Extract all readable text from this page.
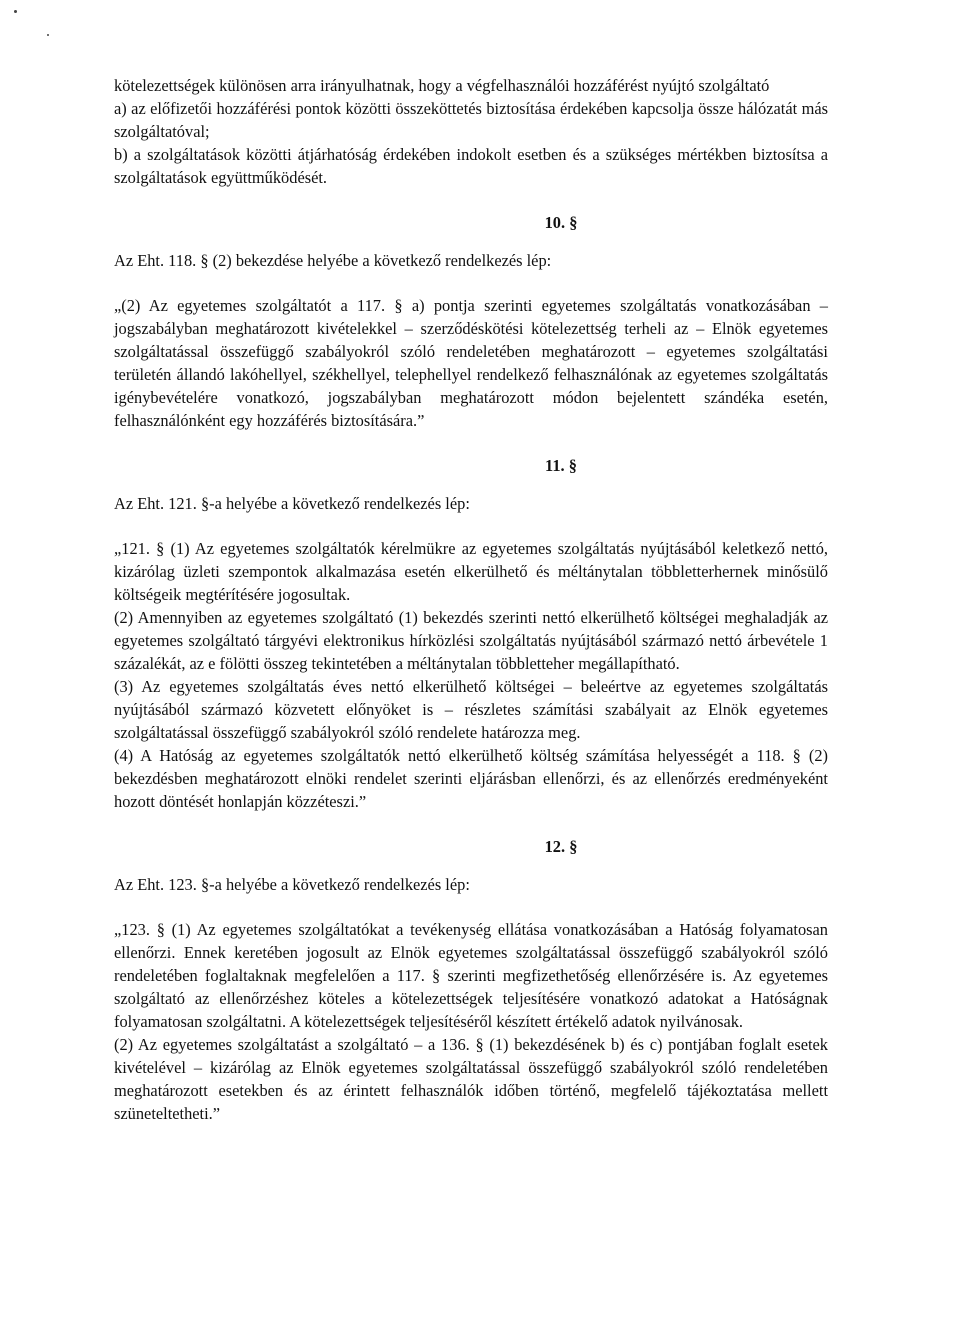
kötelezettségek különösen arra irányulhatnak, hogy a végfelhasználói hozzáférést nyújtó szolgáltató

a) az előfizetői hozzáférési pontok közötti összeköttetés biztosítása érdekében kapcsolja össze hálózatát más szolgáltatóval;

b) a szolgáltatások közötti átjárhatóság érdekében indokolt esetben és a szükséges mértékben biztosítsa a szolgáltatások együttműködését.

10. §

Az Eht. 118. § (2) bekezdése helyébe a következő rendelkezés lép:

„(2) Az egyetemes szolgáltatót a 117. § a) pontja szerinti egyetemes szolgáltatás vonatkozásában – jogszabályban meghatározott kivételekkel – szerződéskötési kötelezettség terheli az – Elnök egyetemes szolgáltatással összefüggő szabályokról szóló rendeletében meghatározott – egyetemes szolgáltatási területén állandó lakóhellyel, székhellyel, telephellyel rendelkező felhasználónak az egyetemes szolgáltatás igénybevételére vonatkozó, jogszabályban meghatározott módon bejelentett szándéka esetén, felhasználónként egy hozzáférés biztosítására.”

11. §

Az Eht. 121. §-a helyébe a következő rendelkezés lép:

„121. § (1) Az egyetemes szolgáltatók kérelmükre az egyetemes szolgáltatás nyújtásából keletkező nettó, kizárólag üzleti szempontok alkalmazása esetén elkerülhető és méltánytalan többletterhernek minősülő költségeik megtérítésére jogosultak.

(2) Amennyiben az egyetemes szolgáltató (1) bekezdés szerinti nettó elkerülhető költségei meghaladják az egyetemes szolgáltató tárgyévi elektronikus hírközlési szolgáltatás nyújtásából származó nettó árbevétele 1 százalékát, az e fölötti összeg tekintetében a méltánytalan többletteher megállapítható.

(3) Az egyetemes szolgáltatás éves nettó elkerülhető költségei – beleértve az egyetemes szolgáltatás nyújtásából származó közvetett előnyöket is – részletes számítási szabályait az Elnök egyetemes szolgáltatással összefüggő szabályokról szóló rendelete határozza meg.

(4) A Hatóság az egyetemes szolgáltatók nettó elkerülhető költség számítása helyességét a 118. § (2) bekezdésben meghatározott elnöki rendelet szerinti eljárásban ellenőrzi, és az ellenőrzés eredményeként hozott döntését honlapján közzéteszi.”

12. §

Az Eht. 123. §-a helyébe a következő rendelkezés lép:

„123. § (1) Az egyetemes szolgáltatókat a tevékenység ellátása vonatkozásában a Hatóság folyamatosan ellenőrzi. Ennek keretében jogosult az Elnök egyetemes szolgáltatással összefüggő szabályokról szóló rendeletében foglaltaknak megfelelően a 117. § szerinti megfizethetőség ellenőrzésére is. Az egyetemes szolgáltató az ellenőrzéshez köteles a kötelezettségek teljesítésére vonatkozó adatokat a Hatóságnak folyamatosan szolgáltatni. A kötelezettségek teljesítéséről készített értékelő adatok nyilvánosak.

(2) Az egyetemes szolgáltatást a szolgáltató – a 136. § (1) bekezdésének b) és c) pontjában foglalt esetek kivételével – kizárólag az Elnök egyetemes szolgáltatással összefüggő szabályokról szóló rendeletében meghatározott esetekben és az érintett felhasználók időben történő, megfelelő tájékoztatása mellett szüneteltetheti.”
